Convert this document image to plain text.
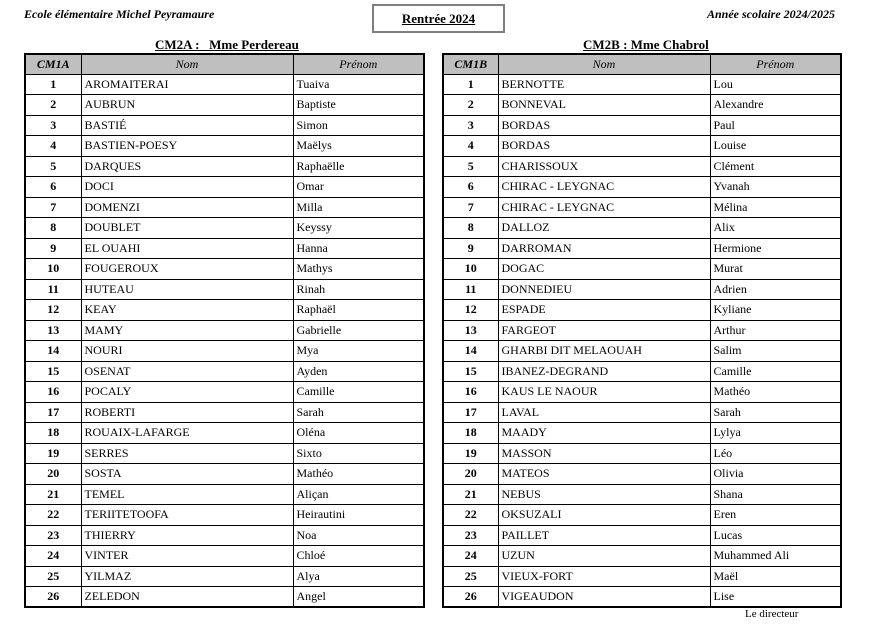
Ecole élémentaire Michel Peyramaure	Rentrée 2024	Année scolaire 2024/2025
CM2A :   Mme Perdereau	CM2B : Mme Chabrol
CM1A	Nom	Prénom
1	AROMAITERAI	Tuaiva
2	AUBRUN	Baptiste
3	BASTIÉ	Simon
4	BASTIEN-POESY	Maëlys
5	DARQUES	Raphaëlle
6	DOCI	Omar
7	DOMENZI	Milla
8	DOUBLET	Keyssy
9	EL OUAHI	Hanna
10	FOUGEROUX	Mathys
11	HUTEAU	Rinah
12	KEAY	Raphaël
13	MAMY	Gabrielle
14	NOURI	Mya
15	OSENAT	Ayden
16	POCALY	Camille
17	ROBERTI	Sarah
18	ROUAIX-LAFARGE	Oléna
19	SERRES	Sixto
20	SOSTA	Mathéo
21	TEMEL	Aliçan
22	TERIITETOOFA	Heirautini
23	THIERRY	Noa
24	VINTER	Chloé
25	YILMAZ	Alya
26	ZELEDON	Angel
CM1B	Nom	Prénom
1	BERNOTTE	Lou
2	BONNEVAL	Alexandre
3	BORDAS	Paul
4	BORDAS	Louise
5	CHARISSOUX	Clément
6	CHIRAC - LEYGNAC	Yvanah
7	CHIRAC - LEYGNAC	Mélina
8	DALLOZ	Alix
9	DARROMAN	Hermione
10	DOGAC	Murat
11	DONNEDIEU	Adrien
12	ESPADE	Kyliane
13	FARGEOT	Arthur
14	GHARBI DIT MELAOUAH	Salim
15	IBANEZ-DEGRAND	Camille
16	KAUS LE NAOUR	Mathéo
17	LAVAL	Sarah
18	MAADY	Lylya
19	MASSON	Léo
20	MATEOS	Olivia
21	NEBUS	Shana
22	OKSUZALI	Eren
23	PAILLET	Lucas
24	UZUN	Muhammed Ali
25	VIEUX-FORT	Maël
26	VIGEAUDON	Lise
Le directeur
